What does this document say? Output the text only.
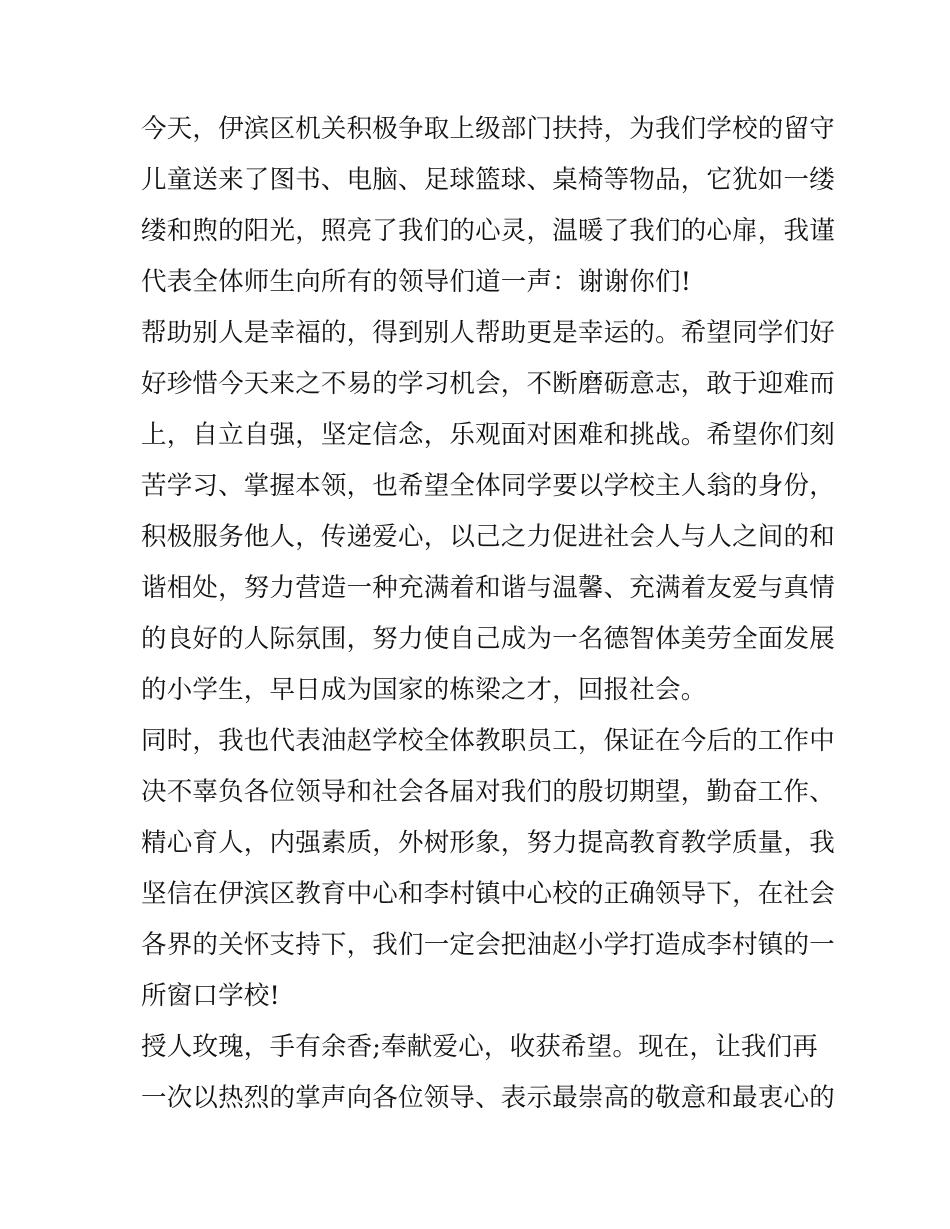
今天，伊滨区机关积极争取上级部门扶持，为我们学校的留守
儿童送来了图书、电脑、足球篮球、桌椅等物品，它犹如一缕
缕和煦的阳光，照亮了我们的心灵，温暖了我们的心扉，我谨
代表全体师生向所有的领导们道一声：谢谢你们!
帮助别人是幸福的，得到别人帮助更是幸运的。希望同学们好
好珍惜今天来之不易的学习机会，不断磨砺意志，敢于迎难而
上，自立自强，坚定信念，乐观面对困难和挑战。希望你们刻
苦学习、掌握本领，也希望全体同学要以学校主人翁的身份，
积极服务他人，传递爱心，以己之力促进社会人与人之间的和
谐相处，努力营造一种充满着和谐与温馨、充满着友爱与真情
的良好的人际氛围，努力使自己成为一名德智体美劳全面发展
的小学生，早日成为国家的栋梁之才，回报社会。
同时，我也代表油赵学校全体教职员工，保证在今后的工作中
决不辜负各位领导和社会各届对我们的殷切期望，勤奋工作、
精心育人，内强素质，外树形象，努力提高教育教学质量，我
坚信在伊滨区教育中心和李村镇中心校的正确领导下，在社会
各界的关怀支持下，我们一定会把油赵小学打造成李村镇的一
所窗口学校!
授人玫瑰，手有余香;奉献爱心，收获希望。现在，让我们再
一次以热烈的掌声向各位领导、表示最崇高的敬意和最衷心的
